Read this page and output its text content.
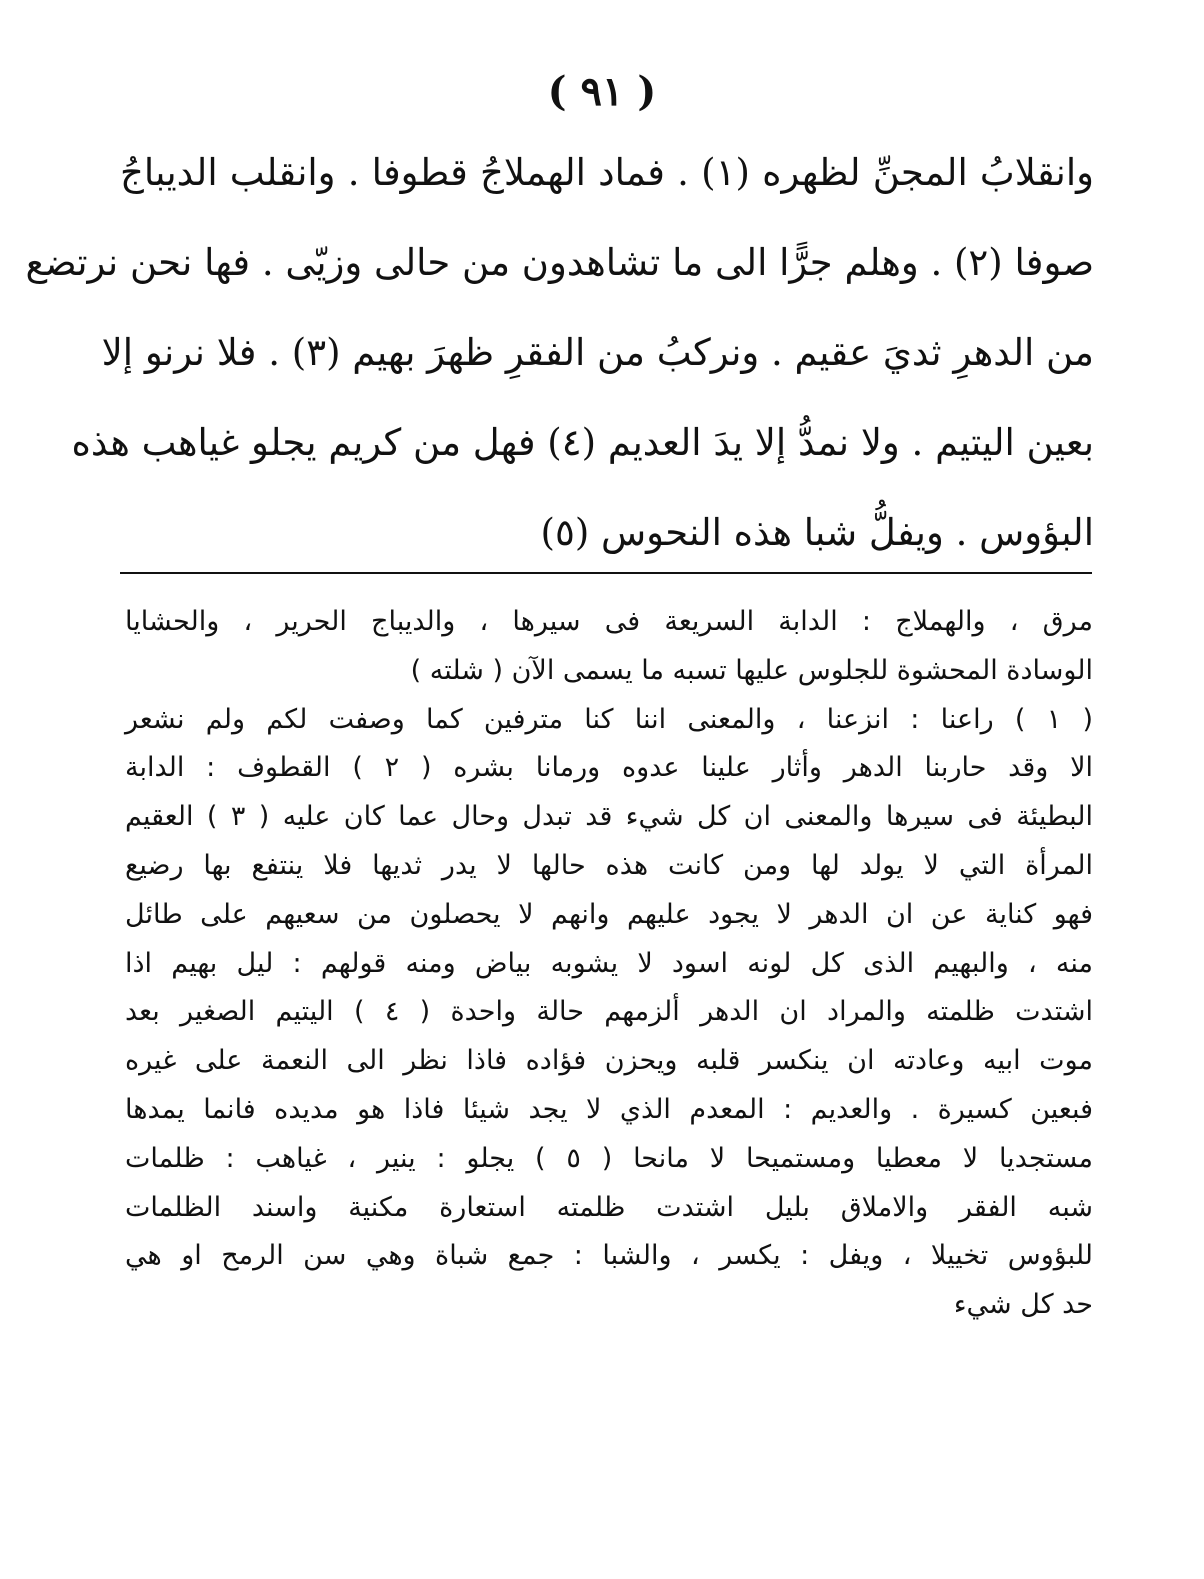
( ٩١ )
وانقلابُ المجنِّ لظهره (١) . فماد الهملاجُ قطوفا . وانقلب الديباجُ
صوفا (٢) . وهلم جرًّا الى ما تشاهدون من حالى وزيّى . فها نحن نرتضع
من الدهرِ ثديَ عقيم . ونركبُ من الفقرِ ظهرَ بهيم (٣) . فلا نرنو إلا
بعين اليتيم . ولا نمدُّ إلا يدَ العديم (٤) فهل من كريم يجلو غياهب هذه
البؤوس . ويفلُّ شبا هذه النحوس (٥)
مرق ، والهملاج : الدابة السريعة فى سيرها ، والديباج الحرير ، والحشايا
الوسادة المحشوة للجلوس عليها تسبه ما يسمى الآن ( شلته )
( ١ ) راعنا : انزعنا ، والمعنى اننا كنا مترفين كما وصفت لكم ولم نشعر
الا وقد حاربنا الدهر وأثار علينا عدوه ورمانا بشره ( ٢ ) القطوف : الدابة
البطيئة فى سيرها والمعنى ان كل شيء قد تبدل وحال عما كان عليه ( ٣ ) العقيم
المرأة التي لا يولد لها ومن كانت هذه حالها لا يدر ثديها فلا ينتفع بها رضيع
فهو كناية عن ان الدهر لا يجود عليهم وانهم لا يحصلون من سعيهم على طائل
منه ، والبهيم الذى كل لونه اسود لا يشوبه بياض ومنه قولهم : ليل بهيم اذا
اشتدت ظلمته والمراد ان الدهر ألزمهم حالة واحدة ( ٤ ) اليتيم الصغير بعد
موت ابيه وعادته ان ينكسر قلبه ويحزن فؤاده فاذا نظر الى النعمة على غيره
فبعين كسيرة . والعديم : المعدم الذي لا يجد شيئا فاذا هو مديده فانما يمدها
مستجديا لا معطيا ومستميحا لا مانحا ( ٥ ) يجلو : ينير ، غياهب : ظلمات
شبه الفقر والاملاق بليل اشتدت ظلمته استعارة مكنية واسند الظلمات
للبؤوس تخييلا ، ويفل : يكسر ، والشبا : جمع شباة وهي سن الرمح او هي
حد كل شيء
